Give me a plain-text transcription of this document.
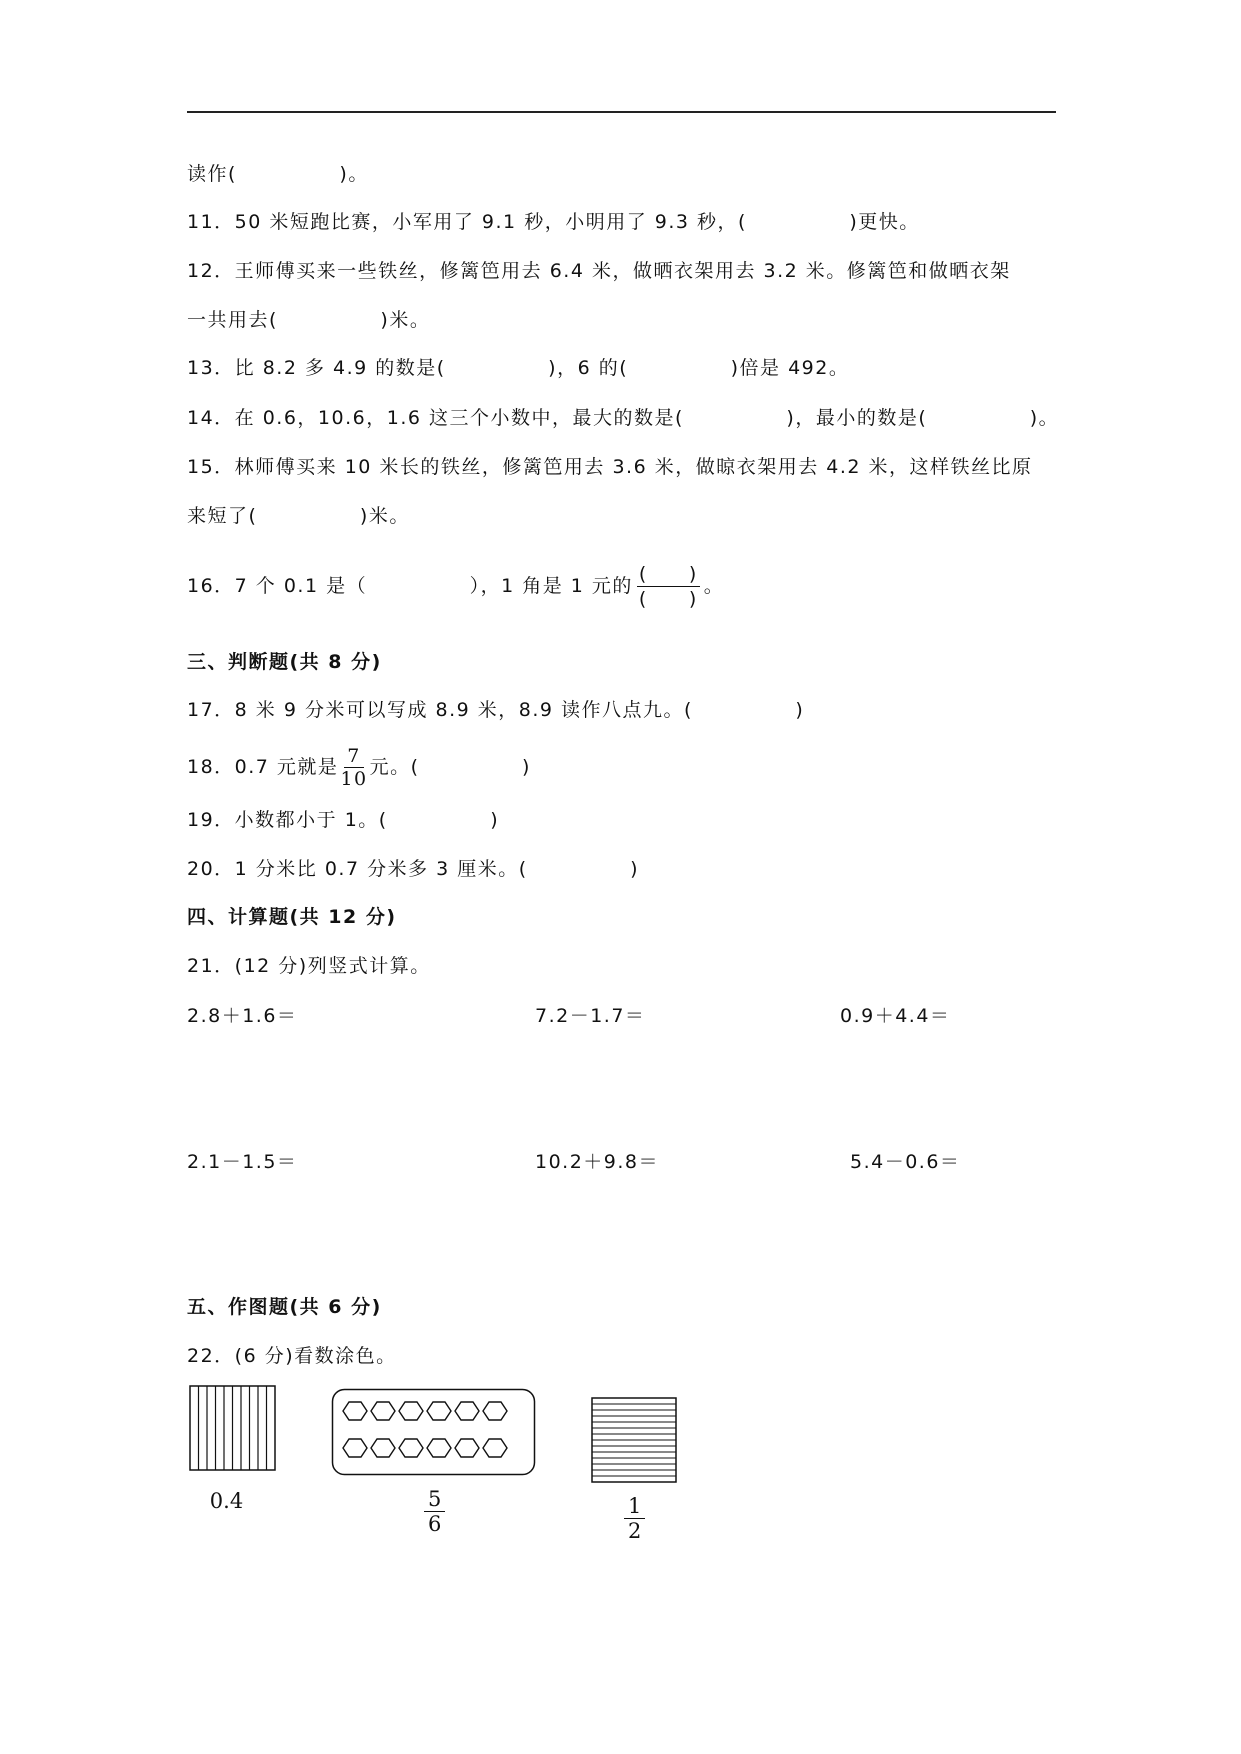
读作(　　　　　)。
11．50 米短跑比赛，小军用了 9.1 秒，小明用了 9.3 秒，(　　　　　)更快。
12．王师傅买来一些铁丝，修篱笆用去 6.4 米，做晒衣架用去 3.2 米。修篱笆和做晒衣架
一共用去(　　　　　)米。
13．比 8.2 多 4.9 的数是(　　　　　)，6 的(　　　　　)倍是 492。
14．在 0.6，10.6，1.6 这三个小数中，最大的数是(　　　　　)，最小的数是(　　　　　)。
15．林师傅买来 10 米长的铁丝，修篱笆用去 3.6 米，做晾衣架用去 4.2 米，这样铁丝比原
来短了(　　　　　)米。
16．7 个 0.1 是（　　　　　），1 角是 1 元的
(　　)
(　　)
。
三、判断题(共 8 分)
17．8 米 9 分米可以写成 8.9 米，8.9 读作八点九。(　　　　　)
18．0.7 元就是 $\frac{7}{10}$ 元。(　　　　　)
19．小数都小于 1。(　　　　　)
20．1 分米比 0.7 分米多 3 厘米。(　　　　　)
四、计算题(共 12 分)
21．(12 分)列竖式计算。
2.8＋1.6＝	7.2－1.7＝	0.9＋4.4＝
2.1－1.5＝	10.2＋9.8＝	5.4－0.6＝
五、作图题(共 6 分)
22．(6 分)看数涂色。
0.4	$\frac{5}{6}$	$\frac{1}{2}$
